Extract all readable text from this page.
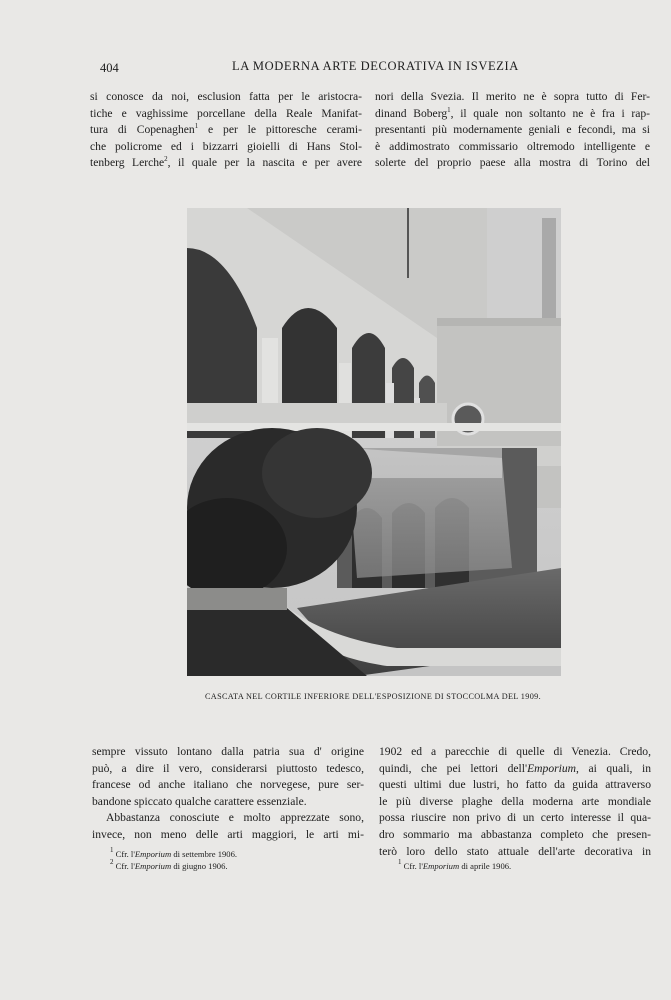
404	LA MODERNA ARTE DECORATIVA IN ISVEZIA
si conosce da noi, esclusion fatta per le aristocra-
tiche e vaghissime porcellane della Reale Manifat-
tura di Copenaghen$^1$ e per le pittoresche cerami-
che policrome ed i bizzarri gioielli di Hans Stol-
tenberg Lerche$^2$, il quale per la nascita e per avere
nori della Svezia. Il merito ne è sopra tutto di Fer-
dinand Boberg$^1$, il quale non soltanto ne è fra i rap-
presentanti più modernamente geniali e fecondi, ma si
è addimostrato commissario oltremodo intelligente e
solerte del proprio paese alla mostra di Torino del
CASCATA NEL CORTILE INFERIORE DELL'ESPOSIZIONE DI STOCCOLMA DEL 1909.
sempre vissuto lontano dalla patria sua d' origine
può, a dire il vero, considerarsi piuttosto tedesco,
francese od anche italiano che norvegese, pure ser-
bandone spiccato qualche carattere essenziale.
Abbastanza conosciute e molto apprezzate sono,
invece, non meno delle arti maggiori, le arti mi-
$^1$ Cfr. l'Emporium di settembre 1906.
$^2$ Cfr. l'Emporium di giugno 1906.
1902 ed a parecchie di quelle di Venezia. Credo,
quindi, che pei lettori dell'Emporium, ai quali, in
questi ultimi due lustri, ho fatto da guida attraverso
le più diverse plaghe della moderna arte mondiale
possa riuscire non privo di un certo interesse il qua-
dro sommario ma abbastanza completo che presen-
terò loro dello stato attuale dell'arte decorativa in
$^1$ Cfr. l'Emporium di aprile 1906.
